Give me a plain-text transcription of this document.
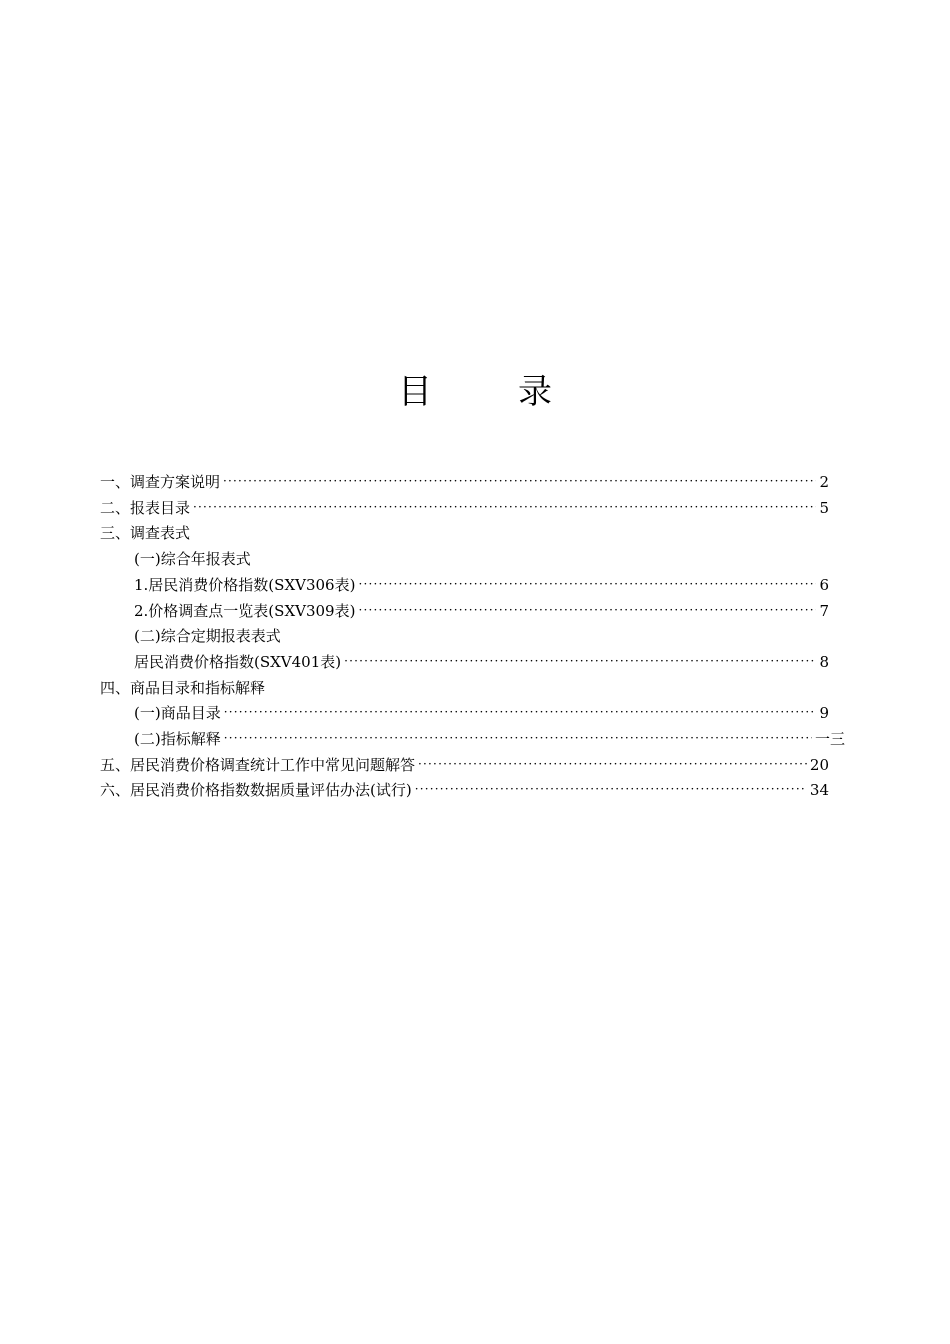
目	录
一、调查方案说明 ·····	2
二、报表目录 ·····	5
三、调查表式
(一)综合年报表式
1.居民消费价格指数(SXV306表) ·····	6
2.价格调查点一览表(SXV309表) ·····	7
(二)综合定期报表表式
居民消费价格指数(SXV401表) ·····	8
四、商品目录和指标解释
(一)商品目录 ·····	9
(二)指标解释 ·····	一三
五、居民消费价格调查统计工作中常见问题解答 ·····	20
六、居民消费价格指数数据质量评估办法(试行) ·····	34
